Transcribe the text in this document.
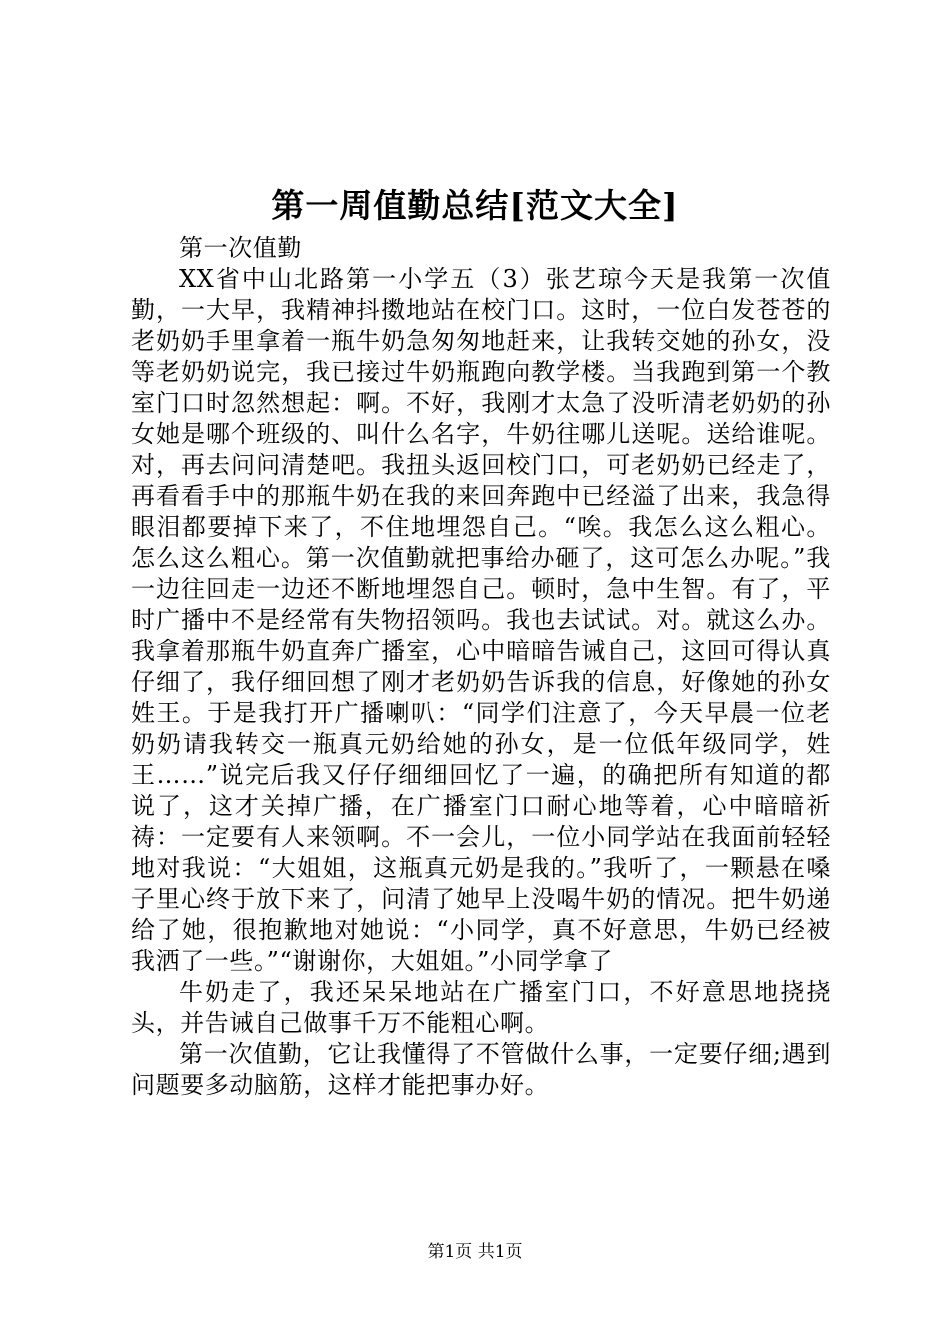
第一周值勤总结[范文大全]

第一次值勤

XX省中山北路第一小学五（3）张艺琼今天是我第一次值勤，一大早，我精神抖擞地站在校门口。这时，一位白发苍苍的老奶奶手里拿着一瓶牛奶急匆匆地赶来，让我转交她的孙女，没等老奶奶说完，我已接过牛奶瓶跑向教学楼。当我跑到第一个教室门口时忽然想起：啊。不好，我刚才太急了没听清老奶奶的孙女她是哪个班级的、叫什么名字，牛奶往哪儿送呢。送给谁呢。对，再去问问清楚吧。我扭头返回校门口，可老奶奶已经走了，再看看手中的那瓶牛奶在我的来回奔跑中已经溢了出来，我急得眼泪都要掉下来了，不住地埋怨自己。“唉。我怎么这么粗心。怎么这么粗心。第一次值勤就把事给办砸了，这可怎么办呢。”我一边往回走一边还不断地埋怨自己。顿时，急中生智。有了，平时广播中不是经常有失物招领吗。我也去试试。对。就这么办。我拿着那瓶牛奶直奔广播室，心中暗暗告诫自己，这回可得认真仔细了，我仔细回想了刚才老奶奶告诉我的信息，好像她的孙女姓王。于是我打开广播喇叭：“同学们注意了，今天早晨一位老奶奶请我转交一瓶真元奶给她的孙女，是一位低年级同学，姓王……”说完后我又仔仔细细回忆了一遍，的确把所有知道的都说了，这才关掉广播，在广播室门口耐心地等着，心中暗暗祈祷：一定要有人来领啊。不一会儿，一位小同学站在我面前轻轻地对我说：“大姐姐，这瓶真元奶是我的。”我听了，一颗悬在嗓子里心终于放下来了，问清了她早上没喝牛奶的情况。把牛奶递给了她，很抱歉地对她说：“小同学，真不好意思，牛奶已经被我洒了一些。”“谢谢你，大姐姐。”小同学拿了

牛奶走了，我还呆呆地站在广播室门口，不好意思地挠挠头，并告诫自己做事千万不能粗心啊。

第一次值勤，它让我懂得了不管做什么事，一定要仔细;遇到问题要多动脑筋，这样才能把事办好。

第1页 共1页
